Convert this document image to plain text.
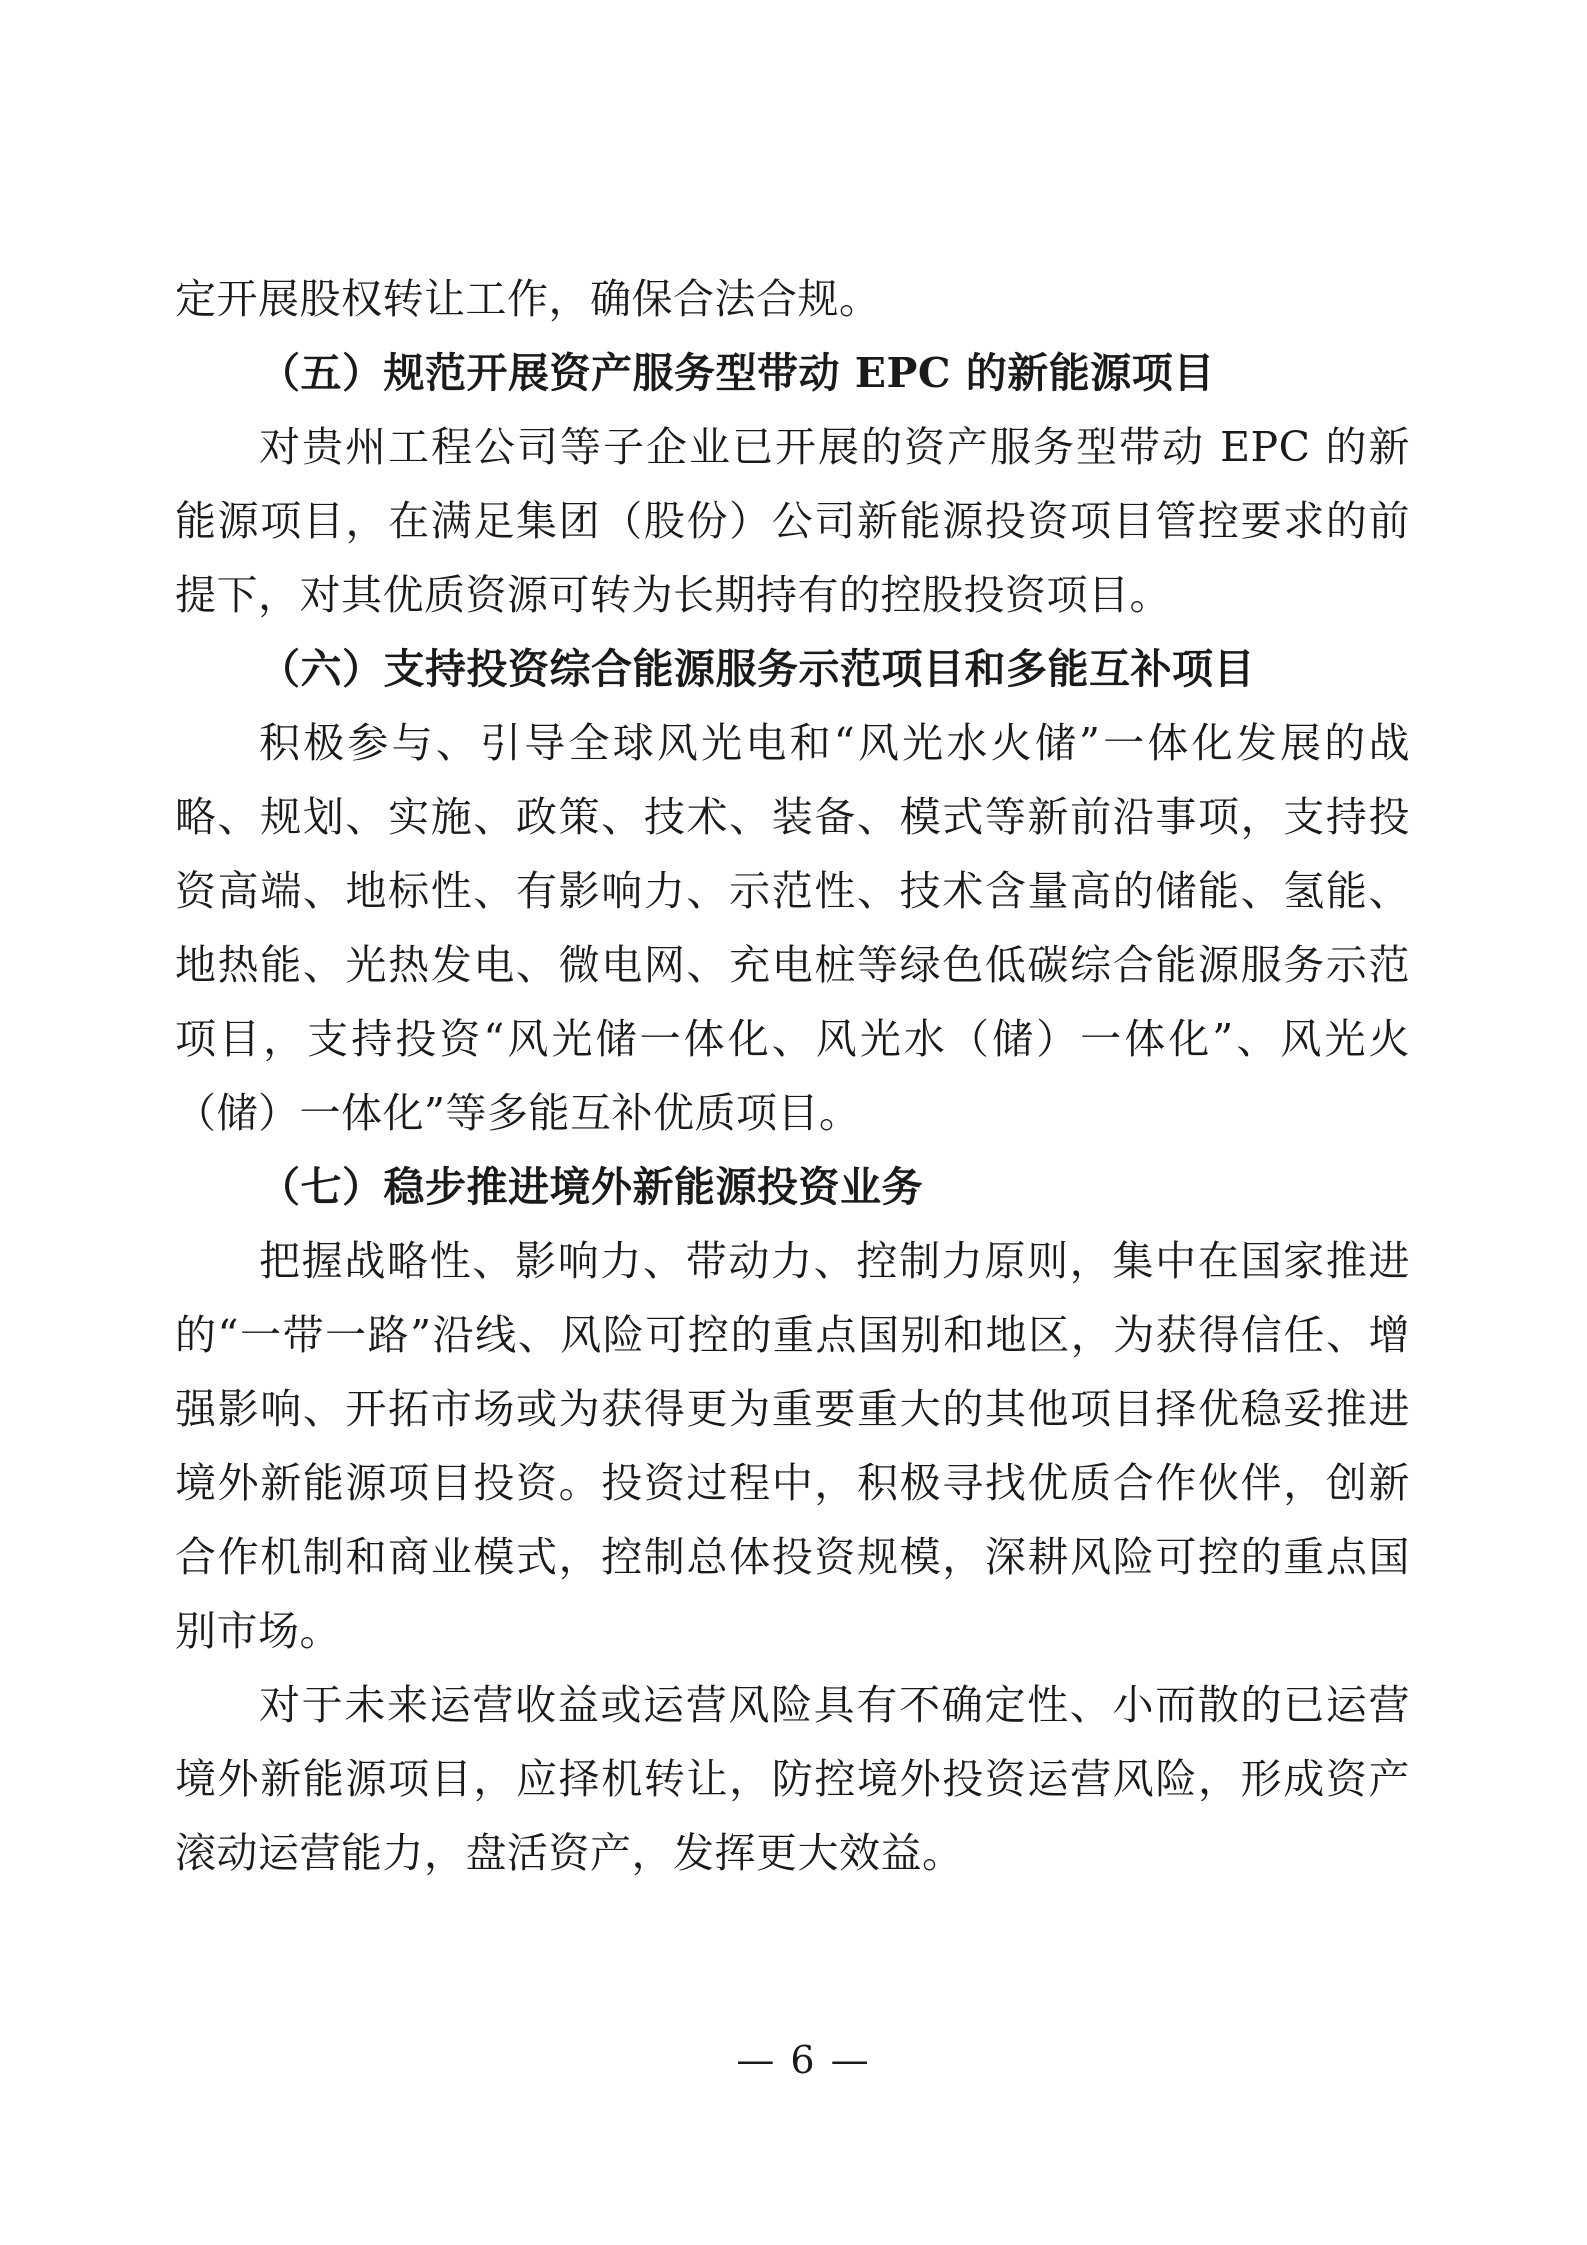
定开展股权转让工作，确保合法合规。

（五）规范开展资产服务型带动 EPC 的新能源项目

对贵州工程公司等子企业已开展的资产服务型带动 EPC 的新能源项目，在满足集团（股份）公司新能源投资项目管控要求的前提下，对其优质资源可转为长期持有的控股投资项目。

（六）支持投资综合能源服务示范项目和多能互补项目

积极参与、引导全球风光电和“风光水火储”一体化发展的战略、规划、实施、政策、技术、装备、模式等新前沿事项，支持投资高端、地标性、有影响力、示范性、技术含量高的储能、氢能、地热能、光热发电、微电网、充电桩等绿色低碳综合能源服务示范项目，支持投资“风光储一体化、风光水（储）一体化”、风光火（储）一体化”等多能互补优质项目。

（七）稳步推进境外新能源投资业务

把握战略性、影响力、带动力、控制力原则，集中在国家推进的“一带一路”沿线、风险可控的重点国别和地区，为获得信任、增强影响、开拓市场或为获得更为重要重大的其他项目择优稳妥推进境外新能源项目投资。投资过程中，积极寻找优质合作伙伴，创新合作机制和商业模式，控制总体投资规模，深耕风险可控的重点国别市场。

对于未来运营收益或运营风险具有不确定性、小而散的已运营境外新能源项目，应择机转让，防控境外投资运营风险，形成资产滚动运营能力，盘活资产，发挥更大效益。

— 6 —
